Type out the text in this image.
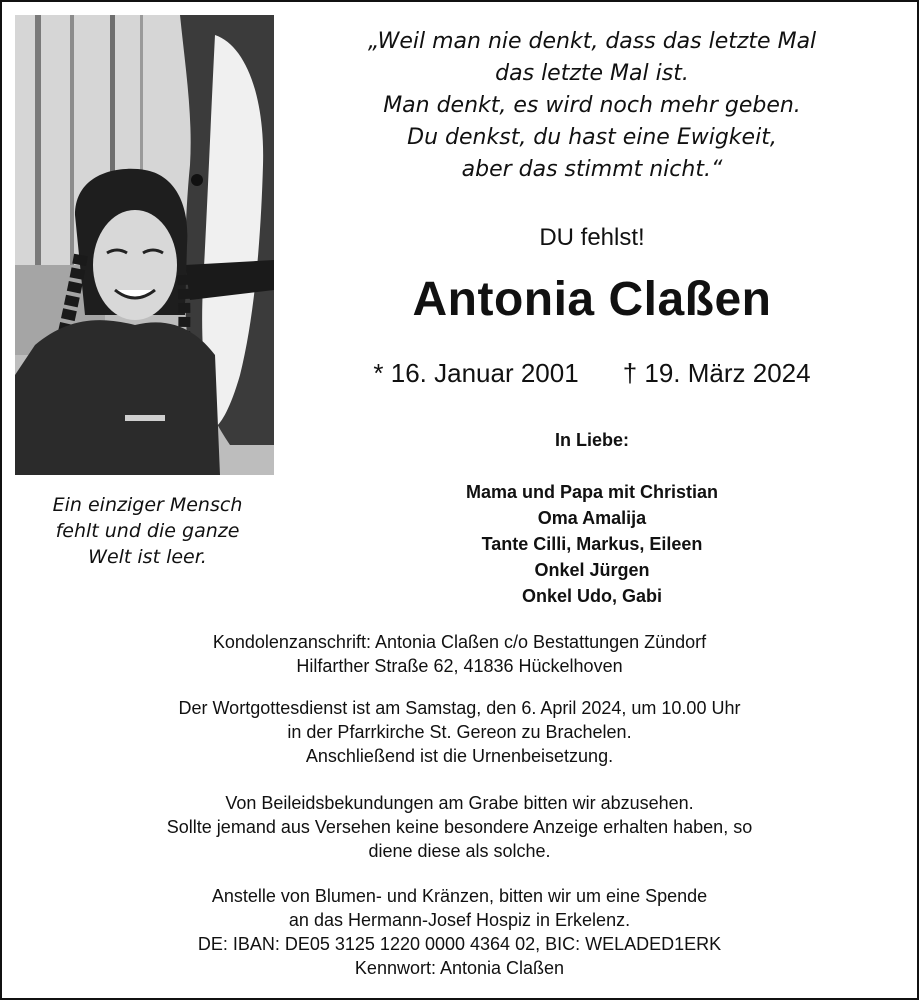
Ein einziger Mensch
fehlt und die ganze
Welt ist leer.
„Weil man nie denkt, dass das letzte Mal
das letzte Mal ist.
Man denkt, es wird noch mehr geben.
Du denkst, du hast eine Ewigkeit,
aber das stimmt nicht.“
DU fehlst!
Antonia Claßen
* 16. Januar 2001 † 19. März 2024
In Liebe:
Mama und Papa mit Christian
Oma Amalija
Tante Cilli, Markus, Eileen
Onkel Jürgen
Onkel Udo, Gabi
Kondolenzanschrift: Antonia Claßen c/o Bestattungen Zündorf
Hilfarther Straße 62, 41836 Hückelhoven
Der Wortgottesdienst ist am Samstag, den 6. April 2024, um 10.00 Uhr
in der Pfarrkirche St. Gereon zu Brachelen.
Anschließend ist die Urnenbeisetzung.
Von Beileidsbekundungen am Grabe bitten wir abzusehen.
Sollte jemand aus Versehen keine besondere Anzeige erhalten haben, so
diene diese als solche.
Anstelle von Blumen- und Kränzen, bitten wir um eine Spende
an das Hermann-Josef Hospiz in Erkelenz.
DE: IBAN: DE05 3125 1220 0000 4364 02, BIC: WELADED1ERK
Kennwort: Antonia Claßen
